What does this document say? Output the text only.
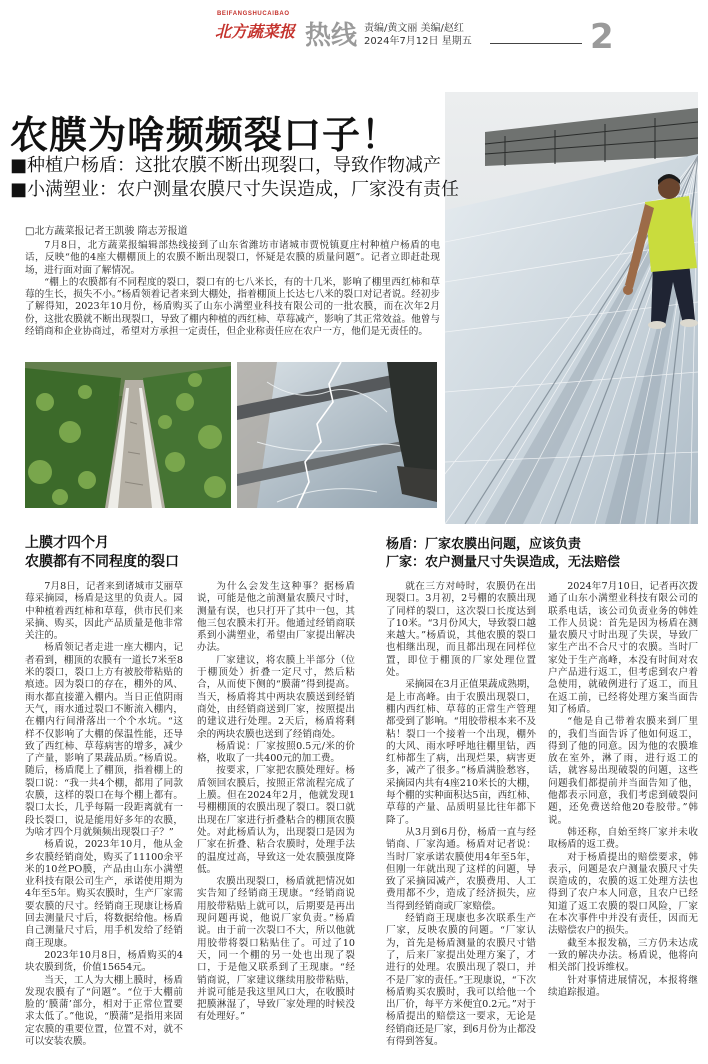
BEIFANGSHUCAIBAO
北方蔬菜报 热线 责编/黄文丽 美编/赵红
2024年7月12日 星期五	2
农膜为啥频频裂口子！
■种植户杨盾：这批农膜不断出现裂口，导致作物减产
■小满塑业：农户测量农膜尺寸失误造成，厂家没有责任
□北方蔬菜报记者王凯骏 隋志芳报道

7月8日，北方蔬菜报编辑部热线接到了山东省潍坊市诸城市贾悦镇夏庄村种植户杨盾的电话，反映“他的4座大棚棚顶上的农膜不断出现裂口，怀疑是农膜的质量问题”。记者立即赶赴现场，进行面对面了解情况。

“棚上的农膜都有不同程度的裂口，裂口有的七八米长，有的十几米，影响了棚里西红柿和草莓的生长，损失不小。”杨盾领着记者来到大棚处，指着棚顶上长达七八米的裂口对记者说。经初步了解得知，2023年10月份，杨盾购买了山东小满塑业科技有限公司的一批农膜，而在次年2月份，这批农膜就不断出现裂口，导致了棚内种植的西红柿、草莓减产，影响了其正常效益。他曾与经销商和企业协商过，希望对方承担一定责任，但企业称责任应在农户一方，他们是无责任的。

上膜才四个月
农膜都有不同程度的裂口

7月8日，记者来到诸城市艾丽草莓采摘园，杨盾是这里的负责人。园中种植着西红柿和草莓，供市民们来采摘、购买，因此产品质量是他非常关注的。

杨盾领记者走进一座大棚内，记者看到，棚顶的农膜有一道长7米至8米的裂口，裂口上方有被胶带粘贴的痕迹。因为裂口的存在，棚外的风、雨水都直接灌入棚内。当日正值阴雨天气，雨水通过裂口不断流入棚内，在棚内行间滑落出一个个水坑。“这样不仅影响了大棚的保温性能，还导致了西红柿、草莓病害的增多，减少了产量，影响了果蔬品质。”杨盾说。随后，杨盾爬上了棚顶，指着棚上的裂口说：“我一共4个棚，都用了同款农膜，这样的裂口在每个棚上都有。裂口太长，几乎每隔一段距离就有一段长裂口，说是能用好多年的农膜，为啥才四个月就频频出现裂口子？”

杨盾说，2023年10月，他从金乡农膜经销商处，购买了11100余平米的10丝PO膜，产品由山东小满塑业科技有限公司生产，承诺使用期为4年至5年。购买农膜时，生产厂家需要农膜的尺寸。经销商王现康让杨盾回去测量尺寸后，将数据给他。杨盾自己测量尺寸后，用手机发给了经销商王现康。

2023年10月8日，杨盾购买的4块农膜到货，价值15654元。

当天，工人为大棚上膜时，杨盾发现农膜有了“问题”。“位于大棚前脸的‘膜蒲’部分，相对于正常位置要求太低了。”他说，“膜蒲”是指用来固定农膜的重要位置，位置不对，就不可以安装农膜。

为什么会发生这种事？据杨盾说，可能是他之前测量农膜尺寸时，测量有误，也只打开了其中一包，其他三包农膜未打开。他通过经销商联系到小满塑业，希望由厂家提出解决办法。

厂家建议，将农膜上半部分（位于棚顶处）折叠一定尺寸，然后粘合，从而使下侧的“膜蒲”得到提高。当天，杨盾将其中两块农膜送到经销商处，由经销商送到厂家，按照提出的建议进行处理。2天后，杨盾将剩余的两块农膜也送到了经销商处。

杨盾说：厂家按照0.5元/米的价格，收取了一共400元的加工费。

按要求，厂家把农膜处理好。杨盾领回农膜后，按照正常流程完成了上膜。但在2024年2月，他就发现1号棚棚顶的农膜出现了裂口。裂口就出现在厂家进行折叠粘合的棚顶农膜处。对此杨盾认为，出现裂口是因为厂家在折叠、粘合农膜时，处理手法的温度过高，导致这一处农膜强度降低。

农膜出现裂口，杨盾就把情况如实告知了经销商王现康。“经销商说用胶带粘贴上就可以，后期要是再出现问题再说，他说厂家负责。”杨盾说。由于前一次裂口不大，所以他就用胶带将裂口粘贴住了。可过了10天，同一个棚的另一处也出现了裂口，于是他又联系到了王现康。“经销商说，厂家建议继续用胶带粘贴，并说可能是我这里风口大，在收膜时把膜淋湿了，导致厂家处理的时候没有处理好。”

杨盾：厂家农膜出问题，应该负责
厂家：农户测量尺寸失误造成，无法赔偿

就在三方对峙时，农膜仍在出现裂口。3月初，2号棚的农膜出现了同样的裂口，这次裂口长度达到了10米。“3月份风大，导致裂口越来越大。”杨盾说，其他农膜的裂口也相继出现，而且都出现在同样位置，即位于棚顶的厂家处理位置处。

采摘园在3月正值果蔬成熟期，是上市高峰。由于农膜出现裂口，棚内西红柿、草莓的正常生产管理都受到了影响。“用胶带根本来不及粘！裂口一个接着一个出现，棚外的大风、雨水呼呼地往棚里钻，西红柿都生了病，出现烂果，病害更多，减产了很多。”杨盾满脸愁容，采摘园内共有4座210米长的大棚，每个棚的实种面积达5亩，西红柿、草莓的产量、品质明显比往年都下降了。

从3月到6月份，杨盾一直与经销商、厂家沟通。杨盾对记者说：当时厂家承诺农膜使用4年至5年，但刚一年就出现了这样的问题，导致了采摘园减产，农膜费用、人工费用都不少，造成了经济损失，应当得到经销商或厂家赔偿。

经销商王现康也多次联系生产厂家，反映农膜的问题。“厂家认为，首先是杨盾测量的农膜尺寸错了，后来厂家提出处理方案了，才进行的处理。农膜出现了裂口，并不是厂家的责任。”王现康说，“下次杨盾购买农膜时，我可以给他一个出厂价，每平方米便宜0.2元。”对于杨盾提出的赔偿这一要求，无论是经销商还是厂家，到6月份为止都没有得到答复。

2024年7月10日，记者再次拨通了山东小满塑业科技有限公司的联系电话，该公司负责业务的韩姓工作人员说：首先是因为杨盾在测量农膜尺寸时出现了失误，导致厂家生产出不合尺寸的农膜。当时厂家处于生产高峰，本没有时间对农户产品进行返工，但考虑到农户着急使用，就破例进行了返工，而且在返工前，已经将处理方案当面告知了杨盾。

“他是自己带着农膜来到厂里的，我们当面告诉了他如何返工，得到了他的同意。因为他的农膜堆放在室外，淋了雨，进行返工的话，就容易出现破裂的问题，这些问题我们都提前并当面告知了他，他都表示同意，我们考虑到破裂问题，还免费送给他20卷胶带。”韩说。

韩还称，自始至终厂家并未收取杨盾的返工费。

对于杨盾提出的赔偿要求，韩表示，问题是农户测量农膜尺寸失误造成的，农膜的返工处理方法也得到了农户本人同意，且农户已经知道了返工农膜的裂口风险，厂家在本次事件中并没有责任，因而无法赔偿农户的损失。

截至本报发稿，三方仍未达成一致的解决办法。杨盾说，他将向相关部门投诉维权。

针对事情进展情况，本报将继续追踪报道。
